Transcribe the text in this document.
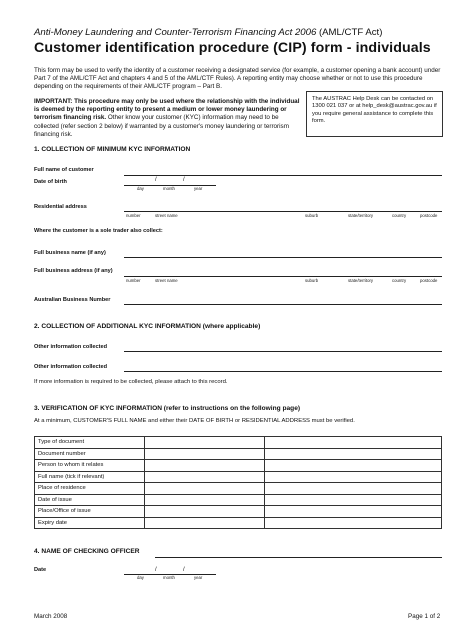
Anti-Money Laundering and Counter-Terrorism Financing Act 2006 (AML/CTF Act)
Customer identification procedure (CIP) form - individuals
This form may be used to verify the identity of a customer receiving a designated service (for example, a customer opening a bank account) under Part 7 of the AML/CTF Act and chapters 4 and 5 of the AML/CTF Rules). A reporting entity may choose whether or not to use this procedure depending on the requirements of their AML/CTF program – Part B.
IMPORTANT: This procedure may only be used where the relationship with the individual is deemed by the reporting entity to present a medium or lower money laundering or terrorism financing risk. Other know your customer (KYC) information may need to be collected (refer section 2 below) if warranted by a customer's money laundering or terrorism financing risk.
The AUSTRAC Help Desk can be contacted on 1300 021 037 or at help_desk@austrac.gov.au if you require general assistance to complete this form.
1. COLLECTION OF MINIMUM KYC INFORMATION
Full name of customer
Date of birth	/	/
day	month	year
Residential address
number	street name	suburb	state/territory	country	postcode
Where the customer is a sole trader also collect:
Full business name (if any)
Full business address (if any)
number	street name	suburb	state/territory	country	postcode
Australian Business Number
2. COLLECTION OF ADDITIONAL KYC INFORMATION (where applicable)
Other information collected
Other information collected
If more information is required to be collected, please attach to this record.
3. VERIFICATION OF KYC INFORMATION (refer to instructions on the following page)
At a minimum, CUSTOMER'S FULL NAME and either their DATE OF BIRTH or RESIDENTIAL ADDRESS must be verified.
Type of document		
Document number		
Person to whom it relates		
Full name (tick if relevant)		
Place of residence		
Date of issue		
Place/Office of issue		
Expiry date		
4. NAME OF CHECKING OFFICER
Date	/	/
day	month	year
March 2008	Page 1 of 2
